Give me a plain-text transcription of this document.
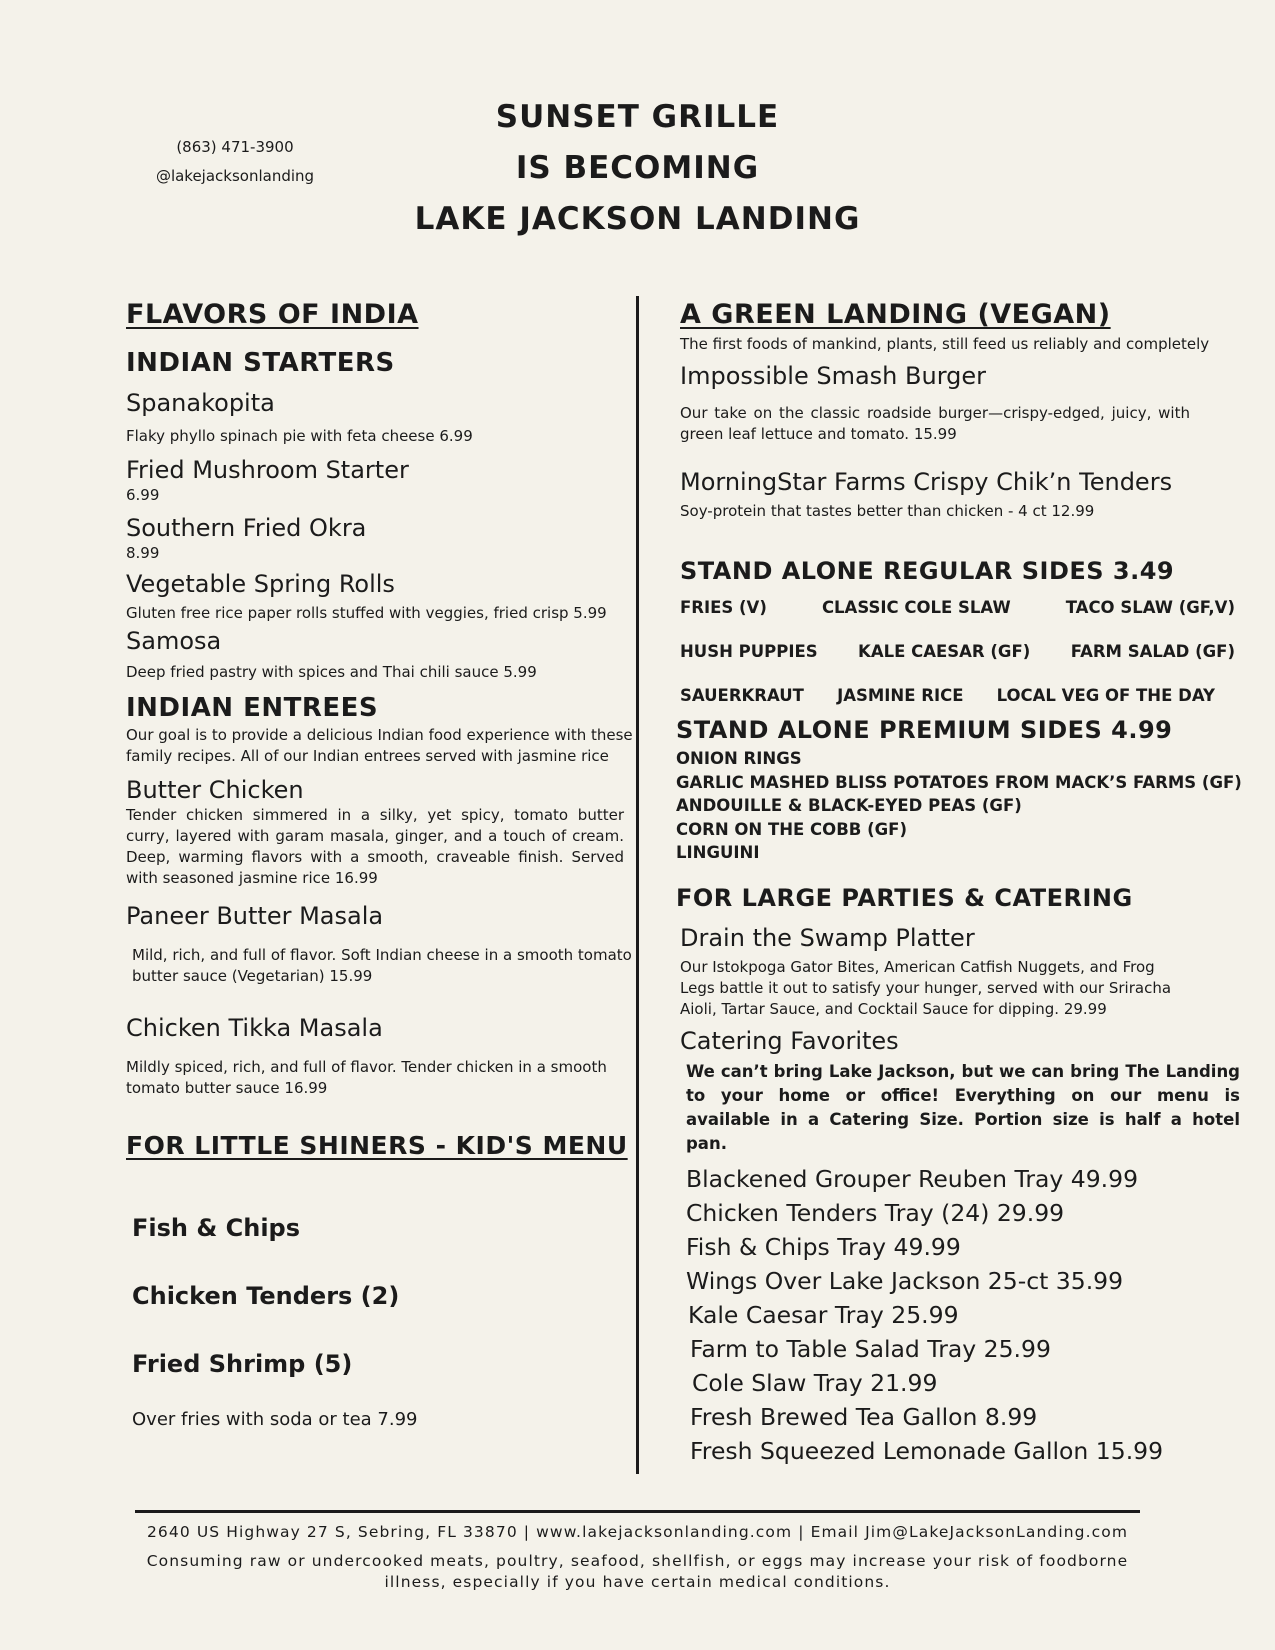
(863) 471-3900
@lakejacksonlanding
SUNSET GRILLE
IS BECOMING
LAKE JACKSON LANDING
FLAVORS OF INDIA
INDIAN STARTERS
Spanakopita
Flaky phyllo spinach pie with feta cheese 6.99
Fried Mushroom Starter
6.99
Southern Fried Okra
8.99
Vegetable Spring Rolls
Gluten free rice paper rolls stuffed with veggies, fried crisp 5.99
Samosa
Deep fried pastry with spices and Thai chili sauce 5.99
INDIAN ENTREES
Our goal is to provide a delicious Indian food experience with these family recipes. All of our Indian entrees served with jasmine rice
Butter Chicken
Tender chicken simmered in a silky, yet spicy, tomato butter curry, layered with garam masala, ginger, and a touch of cream. Deep, warming flavors with a smooth, craveable finish. Served with seasoned jasmine rice 16.99
Paneer Butter Masala
Mild, rich, and full of flavor. Soft Indian cheese in a smooth tomato butter sauce (Vegetarian) 15.99
Chicken Tikka Masala
Mildly spiced, rich, and full of flavor. Tender chicken in a smooth tomato butter sauce 16.99
FOR LITTLE SHINERS - KID'S MENU
Fish & Chips
Chicken Tenders (2)
Fried Shrimp (5)
Over fries with soda or tea 7.99
A GREEN LANDING (VEGAN)
The first foods of mankind, plants, still feed us reliably and completely
Impossible Smash Burger
Our take on the classic roadside burger—crispy-edged, juicy, with green leaf lettuce and tomato. 15.99
MorningStar Farms Crispy Chik’n Tenders
Soy-protein that tastes better than chicken - 4 ct 12.99
STAND ALONE REGULAR SIDES 3.49
FRIES (V)	CLASSIC COLE SLAW	TACO SLAW (GF,V)
HUSH PUPPIES KALE CAESAR (GF) FARM SALAD (GF)
SAUERKRAUT JASMINE RICE LOCAL VEG OF THE DAY
STAND ALONE PREMIUM SIDES 4.99
ONION RINGS
GARLIC MASHED BLISS POTATOES FROM MACK’S FARMS (GF)
ANDOUILLE & BLACK-EYED PEAS (GF)
CORN ON THE COBB (GF)
LINGUINI
FOR LARGE PARTIES & CATERING
Drain the Swamp Platter
Our Istokpoga Gator Bites, American Catfish Nuggets, and Frog Legs battle it out to satisfy your hunger, served with our Sriracha Aioli, Tartar Sauce, and Cocktail Sauce for dipping. 29.99
Catering Favorites
We can’t bring Lake Jackson, but we can bring The Landing to your home or office! Everything on our menu is available in a Catering Size. Portion size is half a hotel pan.
Blackened Grouper Reuben Tray 49.99
Chicken Tenders Tray (24) 29.99
Fish & Chips Tray 49.99
Wings Over Lake Jackson 25-ct 35.99
Kale Caesar Tray 25.99
Farm to Table Salad Tray 25.99
Cole Slaw Tray 21.99
Fresh Brewed Tea Gallon 8.99
Fresh Squeezed Lemonade Gallon 15.99
2640 US Highway 27 S, Sebring, FL 33870 | www.lakejacksonlanding.com | Email Jim@LakeJacksonLanding.com
Consuming raw or undercooked meats, poultry, seafood, shellfish, or eggs may increase your risk of foodborne illness, especially if you have certain medical conditions.
